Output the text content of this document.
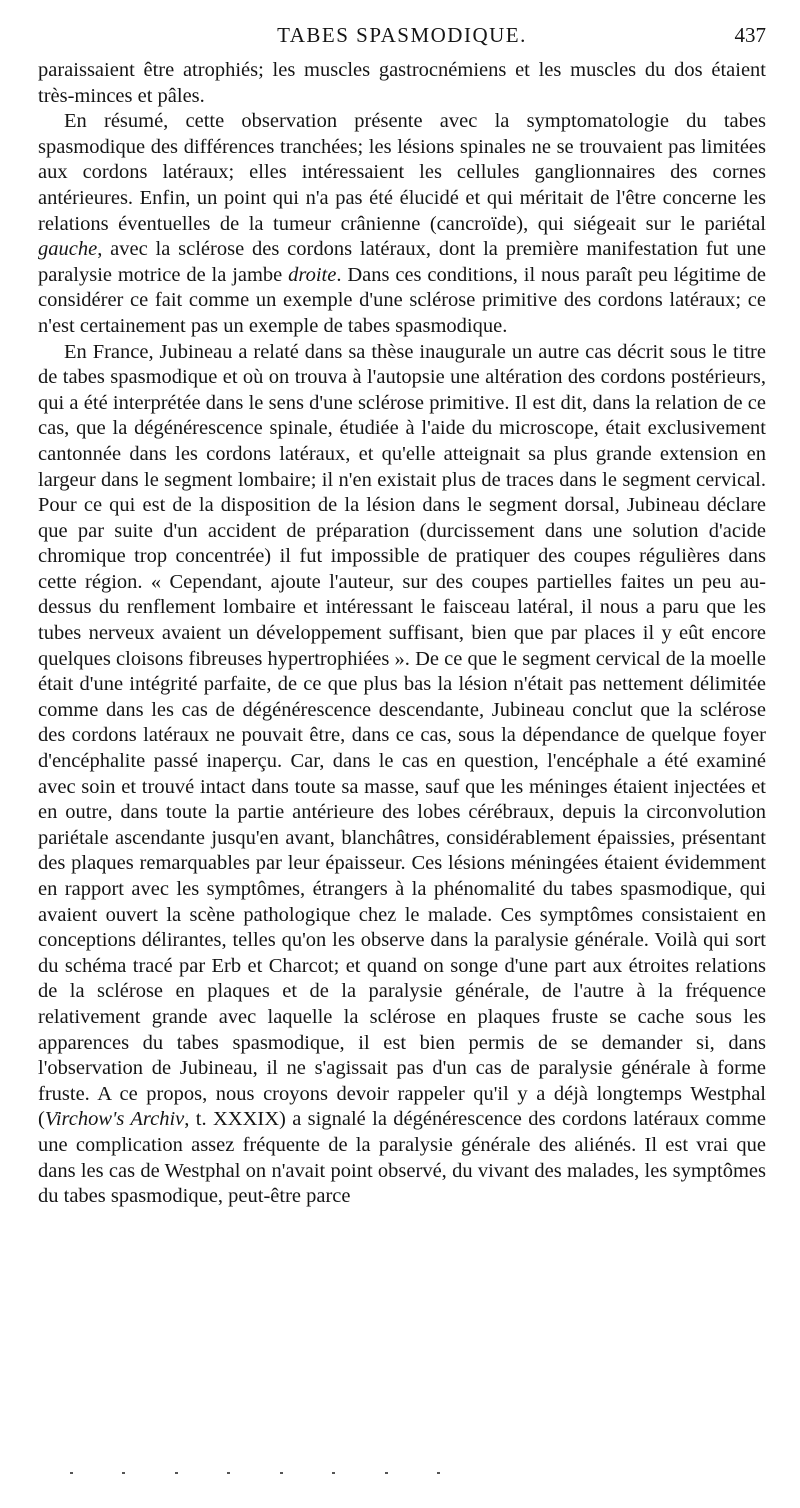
TABES SPASMODIQUE.	437

paraissaient être atrophiés; les muscles gastrocnémiens et les muscles du dos étaient très-minces et pâles.

En résumé, cette observation présente avec la symptomatologie du tabes spasmodique des différences tranchées; les lésions spinales ne se trouvaient pas limitées aux cordons latéraux; elles intéressaient les cellules ganglionnaires des cornes antérieures. Enfin, un point qui n'a pas été élucidé et qui méritait de l'être concerne les relations éventuelles de la tumeur crânienne (cancroïde), qui siégeait sur le pariétal gauche, avec la sclérose des cordons latéraux, dont la première manifestation fut une paralysie motrice de la jambe droite. Dans ces conditions, il nous paraît peu légitime de considérer ce fait comme un exemple d'une sclérose primitive des cordons latéraux; ce n'est certainement pas un exemple de tabes spasmodique.

En France, Jubineau a relaté dans sa thèse inaugurale un autre cas décrit sous le titre de tabes spasmodique et où on trouva à l'autopsie une altération des cordons postérieurs, qui a été interprétée dans le sens d'une sclérose primitive. Il est dit, dans la relation de ce cas, que la dégénérescence spinale, étudiée à l'aide du microscope, était exclusivement cantonnée dans les cordons latéraux, et qu'elle atteignait sa plus grande extension en largeur dans le segment lombaire; il n'en existait plus de traces dans le segment cervical. Pour ce qui est de la disposition de la lésion dans le segment dorsal, Jubineau déclare que par suite d'un accident de préparation (durcissement dans une solution d'acide chromique trop concentrée) il fut impossible de pratiquer des coupes régulières dans cette région. « Cependant, ajoute l'auteur, sur des coupes partielles faites un peu au-dessus du renflement lombaire et intéressant le faisceau latéral, il nous a paru que les tubes nerveux avaient un développement suffisant, bien que par places il y eût encore quelques cloisons fibreuses hypertrophiées ». De ce que le segment cervical de la moelle était d'une intégrité parfaite, de ce que plus bas la lésion n'était pas nettement délimitée comme dans les cas de dégénérescence descendante, Jubineau conclut que la sclérose des cordons latéraux ne pouvait être, dans ce cas, sous la dépendance de quelque foyer d'encéphalite passé inaperçu. Car, dans le cas en question, l'encéphale a été examiné avec soin et trouvé intact dans toute sa masse, sauf que les méninges étaient injectées et en outre, dans toute la partie antérieure des lobes cérébraux, depuis la circonvolution pariétale ascendante jusqu'en avant, blanchâtres, considérablement épaissies, présentant des plaques remarquables par leur épaisseur. Ces lésions méningées étaient évidemment en rapport avec les symptômes, étrangers à la phénomalité du tabes spasmodique, qui avaient ouvert la scène pathologique chez le malade. Ces symptômes consistaient en conceptions délirantes, telles qu'on les observe dans la paralysie générale. Voilà qui sort du schéma tracé par Erb et Charcot; et quand on songe d'une part aux étroites relations de la sclérose en plaques et de la paralysie générale, de l'autre à la fréquence relativement grande avec laquelle la sclérose en plaques fruste se cache sous les apparences du tabes spasmodique, il est bien permis de se demander si, dans l'observation de Jubineau, il ne s'agissait pas d'un cas de paralysie générale à forme fruste. A ce propos, nous croyons devoir rappeler qu'il y a déjà longtemps Westphal (Virchow's Archiv, t. XXXIX) a signalé la dégénérescence des cordons latéraux comme une complication assez fréquente de la paralysie générale des aliénés. Il est vrai que dans les cas de Westphal on n'avait point observé, du vivant des malades, les symptômes du tabes spasmodique, peut-être parce
